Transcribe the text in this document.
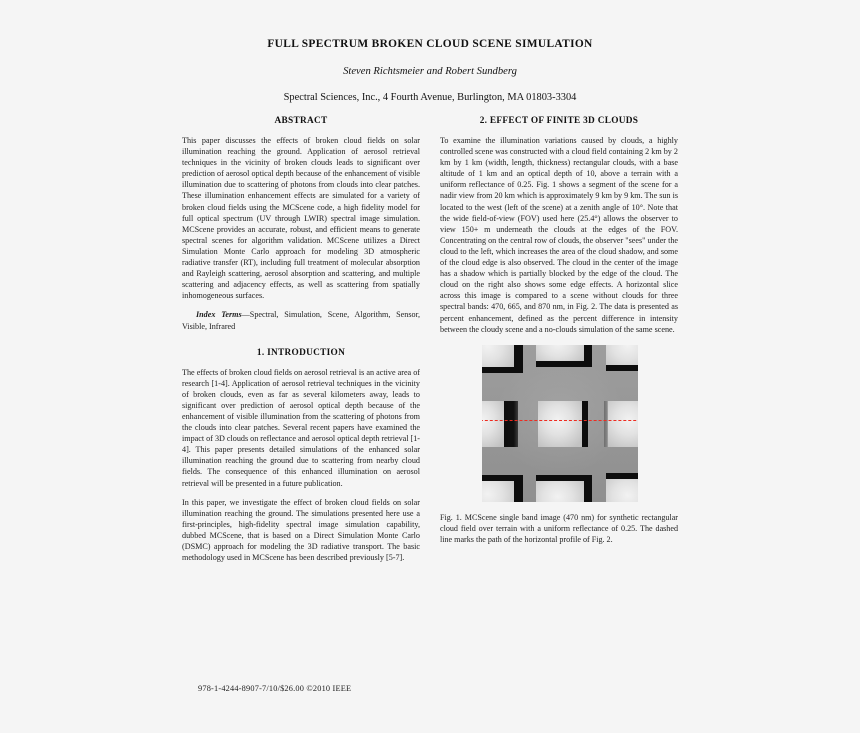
FULL SPECTRUM BROKEN CLOUD SCENE SIMULATION
Steven Richtsmeier and Robert Sundberg
Spectral Sciences, Inc., 4 Fourth Avenue, Burlington, MA 01803-3304
ABSTRACT

This paper discusses the effects of broken cloud fields on solar illumination reaching the ground. Application of aerosol retrieval techniques in the vicinity of broken clouds leads to significant over prediction of aerosol optical depth because of the enhancement of visible illumination due to scattering of photons from clouds into clear patches. These illumination enhancement effects are simulated for a variety of broken cloud fields using the MCScene code, a high fidelity model for full optical spectrum (UV through LWIR) spectral image simulation. MCScene provides an accurate, robust, and efficient means to generate spectral scenes for algorithm validation. MCScene utilizes a Direct Simulation Monte Carlo approach for modeling 3D atmospheric radiative transfer (RT), including full treatment of molecular absorption and Rayleigh scattering, aerosol absorption and scattering, and multiple scattering and adjacency effects, as well as scattering from spatially inhomogeneous surfaces.

Index Terms—Spectral, Simulation, Scene, Algorithm, Sensor, Visible, Infrared

1. INTRODUCTION

The effects of broken cloud fields on aerosol retrieval is an active area of research [1-4]. Application of aerosol retrieval techniques in the vicinity of broken clouds, even as far as several kilometers away, leads to significant over prediction of aerosol optical depth because of the enhancement of visible illumination from the scattering of photons from the clouds into clear patches. Several recent papers have examined the impact of 3D clouds on reflectance and aerosol optical depth retrieval [1-4]. This paper presents detailed simulations of the enhanced solar illumination reaching the ground due to scattering from nearby cloud fields. The consequence of this enhanced illumination on aerosol retrieval will be presented in a future publication.

In this paper, we investigate the effect of broken cloud fields on solar illumination reaching the ground. The simulations presented here use a first-principles, high-fidelity spectral image simulation capability, dubbed MCScene, that is based on a Direct Simulation Monte Carlo (DSMC) approach for modeling the 3D radiative transport. The basic methodology used in MCScene has been described previously [5-7].

2. EFFECT OF FINITE 3D CLOUDS

To examine the illumination variations caused by clouds, a highly controlled scene was constructed with a cloud field containing 2 km by 2 km by 1 km (width, length, thickness) rectangular clouds, with a base altitude of 1 km and an optical depth of 10, above a terrain with a uniform reflectance of 0.25. Fig. 1 shows a segment of the scene for a nadir view from 20 km which is approximately 9 km by 9 km. The sun is located to the west (left of the scene) at a zenith angle of 10°. Note that the wide field-of-view (FOV) used here (25.4°) allows the observer to view 150+ m underneath the clouds at the edges of the FOV. Concentrating on the central row of clouds, the observer "sees" under the cloud to the left, which increases the area of the cloud shadow, and some of the cloud edge is also observed. The cloud in the center of the image has a shadow which is partially blocked by the edge of the cloud. The cloud on the right also shows some edge effects. A horizontal slice across this image is compared to a scene without clouds for three spectral bands: 470, 665, and 870 nm, in Fig. 2. The data is presented as percent enhancement, defined as the percent difference in intensity between the cloudy scene and a no-clouds simulation of the same scene.

Fig. 1. MCScene single band image (470 nm) for synthetic rectangular cloud field over terrain with a uniform reflectance of 0.25. The dashed line marks the path of the horizontal profile of Fig. 2.

978-1-4244-8907-7/10/$26.00 ©2010 IEEE
